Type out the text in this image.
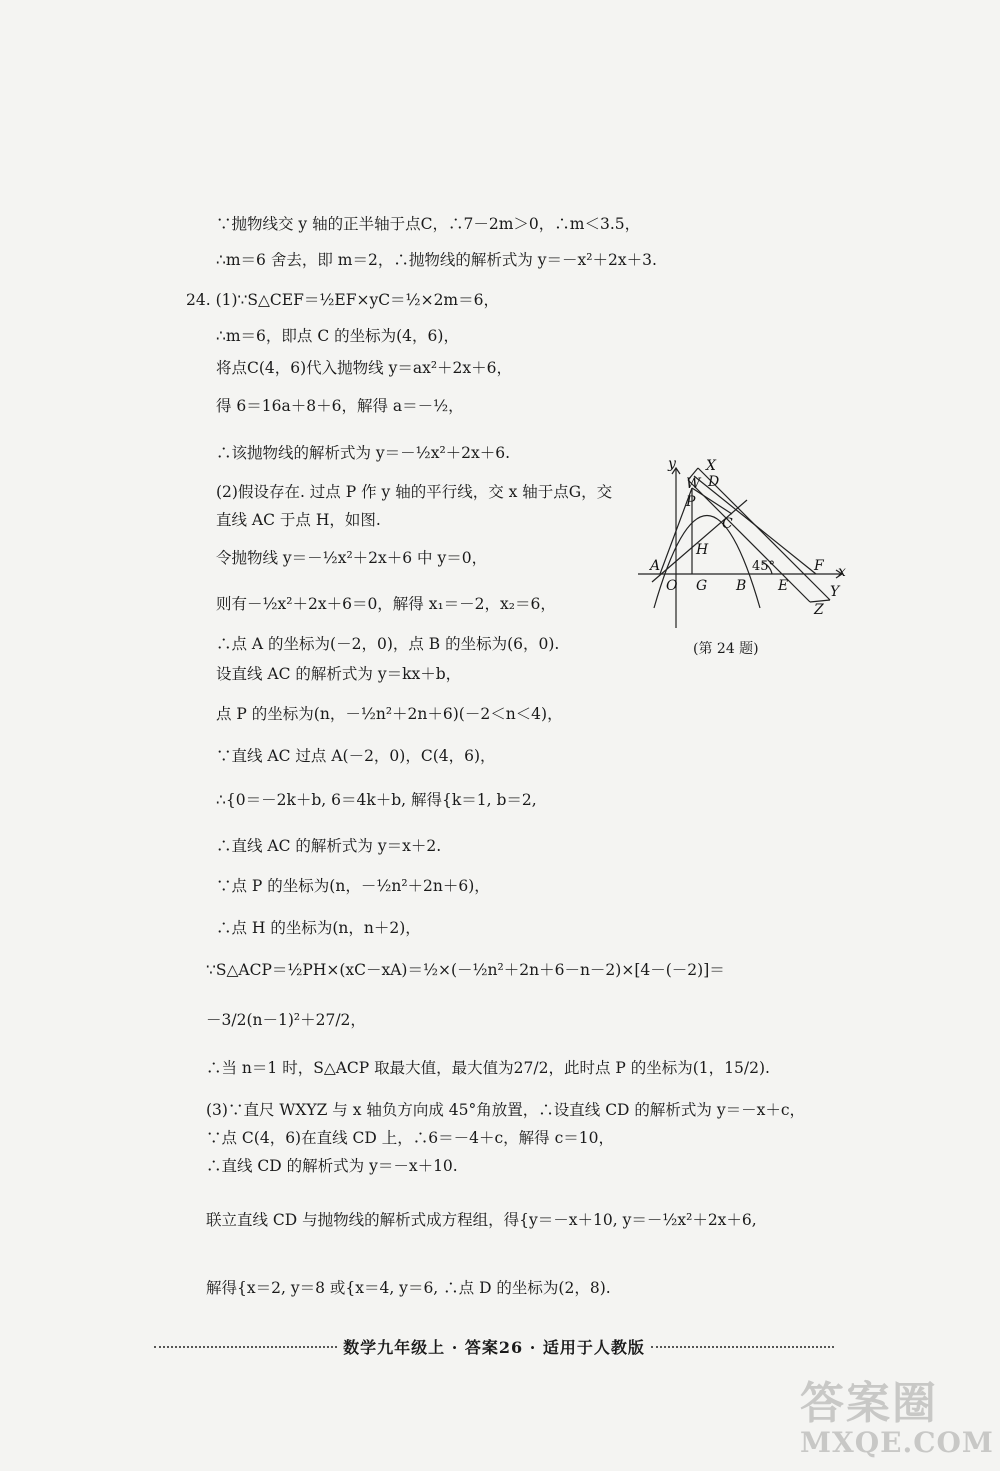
∵抛物线交 y 轴的正半轴于点C，∴7－2m＞0，∴m＜3.5，
∴m＝6 舍去，即 m＝2，∴抛物线的解析式为 y＝－x²＋2x＋3.
24. (1)∵S△CEF＝½EF×yC＝½×2m＝6，
∴m＝6，即点 C 的坐标为(4，6)，
将点C(4，6)代入抛物线 y＝ax²＋2x＋6，
得 6＝16a＋8＋6，解得 a＝－½，
∴该抛物线的解析式为 y＝－½x²＋2x＋6.
(2)假设存在. 过点 P 作 y 轴的平行线，交 x 轴于点G，交
直线 AC 于点 H，如图.
令抛物线 y＝－½x²＋2x＋6 中 y＝0，
则有－½x²＋2x＋6＝0，解得 x₁＝－2，x₂＝6，
∴点 A 的坐标为(－2，0)，点 B 的坐标为(6，0).
设直线 AC 的解析式为 y＝kx＋b，
点 P 的坐标为(n，－½n²＋2n＋6)(－2＜n＜4)，
∵直线 AC 过点 A(－2，0)，C(4，6)，
∴{0＝－2k＋b, 6＝4k＋b, 解得{k＝1, b＝2,
∴直线 AC 的解析式为 y＝x＋2.
∵点 P 的坐标为(n，－½n²＋2n＋6)，
∴点 H 的坐标为(n，n＋2)，
∵S△ACP＝½PH×(xC－xA)＝½×(－½n²＋2n＋6－n－2)×[4－(－2)]＝
－3/2(n－1)²＋27/2，
∴当 n＝1 时，S△ACP 取最大值，最大值为27/2，此时点 P 的坐标为(1，15/2).
(3)∵直尺 WXYZ 与 x 轴负方向成 45°角放置，∴设直线 CD 的解析式为 y＝－x＋c，
∵点 C(4，6)在直线 CD 上，∴6＝－4＋c，解得 c＝10，
∴直线 CD 的解析式为 y＝－x＋10.
联立直线 CD 与抛物线的解析式成方程组，得{y＝－x＋10, y＝－½x²＋2x＋6,
解得{x＝2, y＝8 或{x＝4, y＝6, ∴点 D 的坐标为(2，8).
y X
W D
P
C
H
A
O G B E
F x
Y
Z
45°
(第 24 题)
数学九年级上 · 答案26 · 适用于人教版
答案圈
MXQE.COM
